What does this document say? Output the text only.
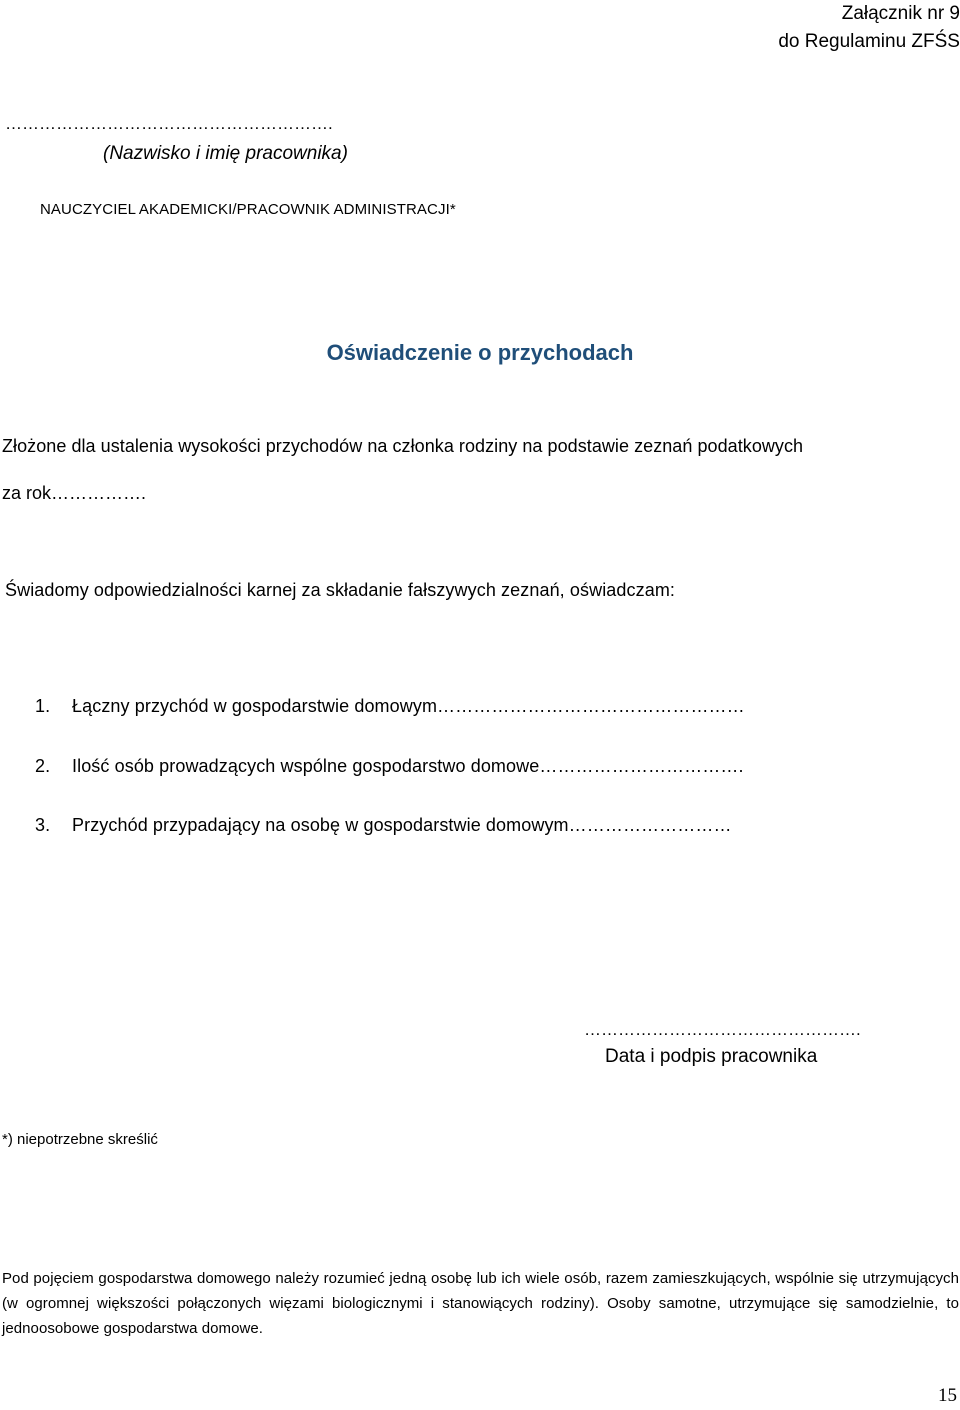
Załącznik nr 9
do Regulaminu ZFŚS
………………………………………………….
(Nazwisko i imię pracownika)
NAUCZYCIEL AKADEMICKI/PRACOWNIK ADMINISTRACJI*
Oświadczenie o przychodach
Złożone dla ustalenia wysokości przychodów na członka rodziny na podstawie zeznań podatkowych
za rok…………….
Świadomy odpowiedzialności karnej za składanie fałszywych zeznań, oświadczam:
1. Łączny przychód w gospodarstwie domowym……………………………………………
2. Ilość osób prowadzących wspólne gospodarstwo domowe…………………………….
3. Przychód przypadający na osobę w gospodarstwie domowym………………………
………………………………………….
Data i podpis pracownika
*) niepotrzebne skreślić
Pod pojęciem gospodarstwa domowego należy rozumieć jedną osobę lub ich wiele osób, razem zamieszkujących, wspólnie się utrzymujących (w ogromnej większości połączonych więzami biologicznymi i stanowiących rodziny). Osoby samotne, utrzymujące się samodzielnie, to jednoosobowe gospodarstwa domowe.
15
